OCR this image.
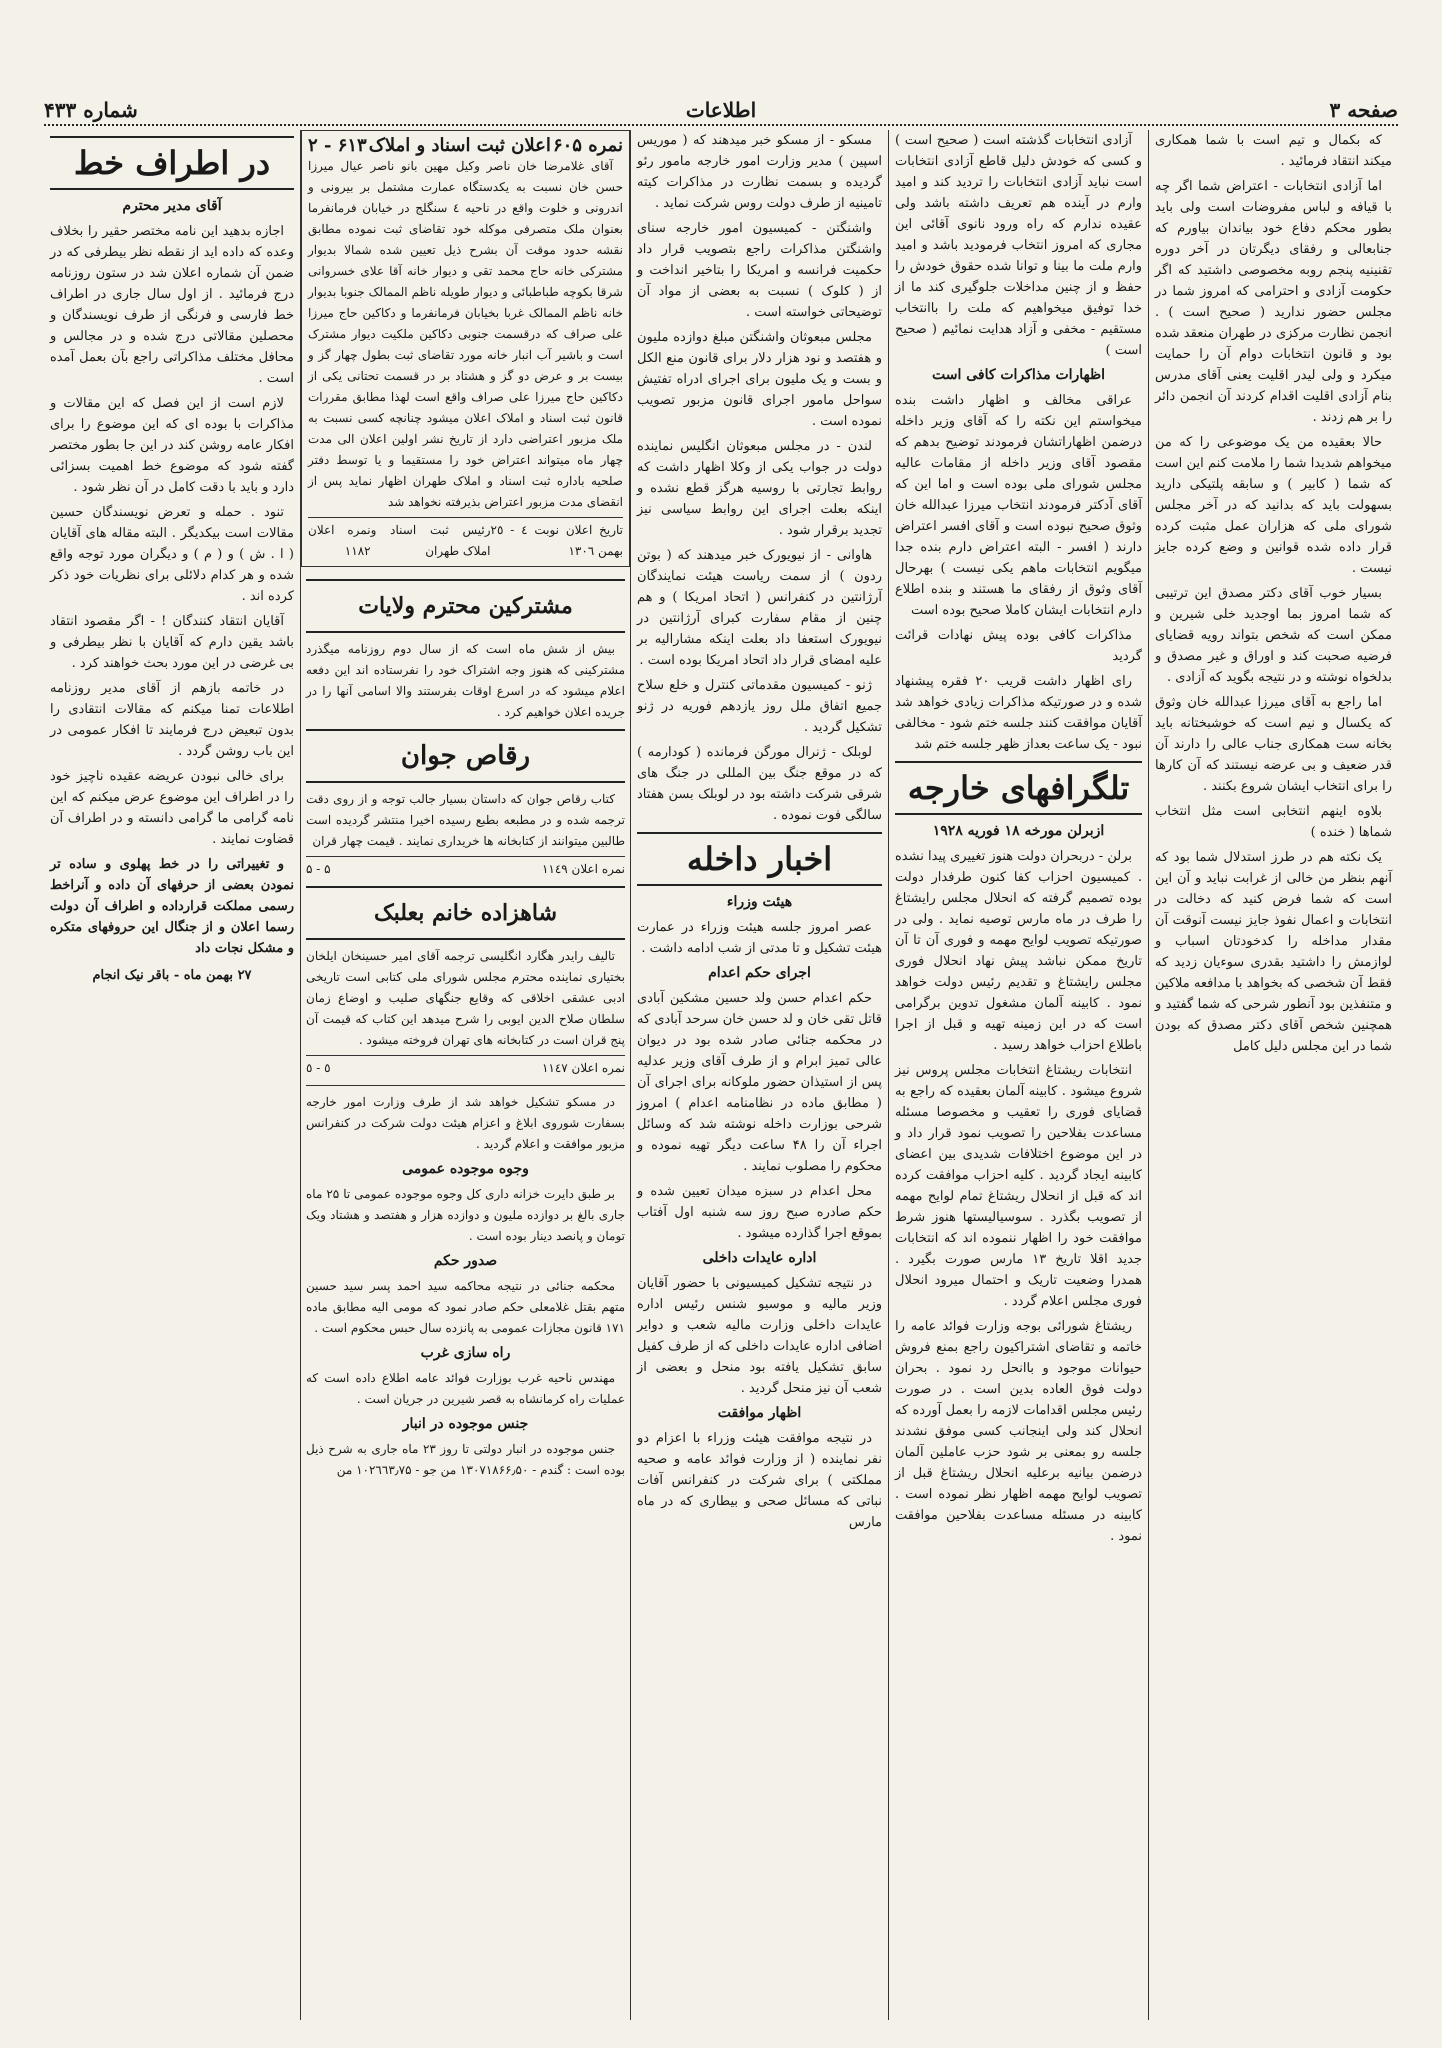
صفحه ۳
اطلاعات
شماره ۴۳۳

که بکمال و تیم است با شما همکاری میکند انتقاد فرمائید .

اما آزادی انتخابات - اعتراض شما اگر چه با قیافه و لباس مفروضات است ولی باید بطور محکم دفاع خود بیاندان بیاورم که جنابعالی و رفقای دیگرتان در آخر دوره تقنینیه پنجم روبه مخصوصی داشتید که اگر حکومت آزادی و احترامی که امروز شما در مجلس حضور ندارید ( صحیح است ) . انجمن نظارت مرکزی در طهران منعقد شده بود و قانون انتخابات دوام آن را حمایت میکرد و ولی لیدر اقلیت یعنی آقای مدرس بنام آزادی اقلیت اقدام کردند آن انجمن دائر را بر هم زدند .

حالا بعقیده من یک موضوعی را که من میخواهم شدیدا شما را ملامت کنم این است که شما ( کابیر ) و سابقه پلتیکی دارید بسهولت باید که بدانید که در آخر مجلس شورای ملی که هزاران عمل مثبت کرده قرار داده شده قوانین و وضع کرده جایز نیست .

بسیار خوب آقای دکتر مصدق این ترتیبی که شما امروز بما اوجدید خلی شیرین و ممکن است که شخص بتواند رویه قضایای فرضیه صحبت کند و اوراق و غیر مصدق و بدلخواه نوشته و در نتیجه بگوید که آزادی .

اما راجع به آقای میرزا عبدالله خان وثوق که یکسال و نیم است که خوشبختانه باید بخانه ست همکاری جناب عالی را دارند آن قدر ضعیف و بی عرضه نیستند که آن کارها را برای انتخاب ایشان شروع بکنند .

بلاوه اینهم انتخابی است مثل انتخاب شماها ( خنده )

یک نکته هم در طرز استدلال شما بود که آنهم بنظر من خالی از غرابت نباید و آن این است که شما فرض کنید که دخالت در انتخابات و اعمال نفوذ جایز نیست آنوقت آن مقدار مداخله را کدخودتان اسباب و لوازمش را داشتید بقدری سوءیان زدید که فقط آن شخصی که بخواهد با مدافعه ملاکین و متنفذین بود آنطور شرحی که شما گفتید و همچنین شخص آقای دکتر مصدق که بودن شما در این مجلس دلیل کامل

آزادی انتخابات گذشته است ( صحیح است ) و کسی که خودش دلیل قاطع آزادی انتخابات است نباید آزادی انتخابات را تردید کند و امید وارم در آینده هم تعریف داشته باشد ولی عقیده ندارم که راه ورود نانوی آقائی این مجاری که امروز انتخاب فرمودید باشد و امید وارم ملت ما بینا و توانا شده حقوق خودش را حفظ و از چنین مداخلات جلوگیری کند ما از خدا توفیق میخواهیم که ملت را باانتخاب مستقیم - مخفی و آزاد هدایت نمائیم ( صحیح است )

اظهارات مذاکرات کافی است

عراقی مخالف و اظهار داشت بنده میخواستم این نکته را که آقای وزیر داخله درضمن اظهاراتشان فرمودند توضیح بدهم که مقصود آقای وزیر داخله از مقامات عالیه مجلس شورای ملی بوده است و اما این که آقای آدکتر فرمودند انتخاب میرزا عبدالله خان وثوق صحیح نبوده است و آقای افسر اعتراض دارند ( افسر - البته اعتراض دارم بنده جدا میگویم انتخابات ماهم یکی نیست ) بهرحال آقای وثوق از رفقای ما هستند و بنده اطلاع دارم انتخابات ایشان کاملا صحیح بوده است

مذاکرات کافی بوده پیش نهادات قرائت گردید

رای اظهار داشت قریب ۲۰ فقره پیشنهاد شده و در صورتیکه مذاکرات زیادی خواهد شد آقایان موافقت کنند جلسه ختم شود - مخالفی نبود - یک ساعت بعداز ظهر جلسه ختم شد

تلگرافهای خارجه
ازبرلن مورخه ۱۸ فوریه ۱۹۲۸

برلن - دربحران دولت هنوز تغییری پیدا نشده . کمیسیون احزاب کفا کنون طرفدار دولت بوده تصمیم گرفته که انحلال مجلس رایشتاغ را طرف در ماه مارس توصیه نماید . ولی در صورتیکه تصویب لوایح مهمه و فوری آن تا آن تاریخ ممکن نباشد پیش نهاد انحلال فوری مجلس رایشتاغ و تقدیم رئیس دولت خواهد نمود . کابینه آلمان مشغول تدوین برگرامی است که در این زمینه تهیه و قبل از اجرا باطلاع احزاب خواهد رسید .

انتخابات ریشتاغ انتخابات مجلس پروس نیز شروع میشود . کابینه آلمان بعقیده که راجع به قضایای فوری را تعقیب و مخصوصا مسئله مساعدت بفلاحین را تصویب نمود قرار داد و در این موضوع اختلافات شدیدی بین اعضای کابینه ایجاد گردید . کلیه احزاب موافقت کرده اند که قبل از انحلال ریشتاغ تمام لوایح مهمه از تصویب بگذرد . سوسیالیستها هنوز شرط موافقت خود را اظهار ننموده اند که انتخابات جدید اقلا تاریخ ۱۳ مارس صورت بگیرد . همدرا وضعیت تاریک و احتمال میرود انحلال فوری مجلس اعلام گردد .

ریشتاغ شورائی بوجه وزارت فوائد عامه را خاتمه و تقاضای اشتراکیون راجع بمنع فروش حیوانات موجود و باانحل رد نمود . بحران دولت فوق العاده بدین است . در صورت رئیس مجلس اقدامات لازمه را بعمل آورده که انحلال کند ولی اینجانب کسی موفق نشدند جلسه رو بمعنی بر شود حزب عاملین آلمان درضمن بیانیه برعلیه انحلال ریشتاغ قبل از تصویب لوایح مهمه اظهار نظر نموده است . کابینه در مسئله مساعدت بفلاحین موافقت نمود .

مسکو - از مسکو خبر میدهند که ( موریس اسپین ) مدیر وزارت امور خارجه مامور رئو گردیده و بسمت نظارت در مذاکرات کیته تامینیه از طرف دولت روس شرکت نماید .

واشنگتن - کمیسیون امور خارجه سنای واشنگتن مذاکرات راجع بتصویب قرار داد حکمیت فرانسه و امریکا را بتاخیر انداخت و از ( کلوک ) نسبت به بعضی از مواد آن توضیحاتی خواسته است .

مجلس مبعوثان واشنگتن مبلغ دوازده ملیون و هفتصد و نود هزار دلار برای قانون منع الکل و بست و یک ملیون برای اجرای ادراه تفتیش سواحل مامور اجرای قانون مزبور تصویب نموده است .

لندن - در مجلس مبعوثان انگلیس نماینده دولت در جواب یکی از وکلا اظهار داشت که روابط تجارتی با روسیه هرگز قطع نشده و اینکه بعلت اجرای این روابط سیاسی نیز تجدید برقرار شود .

هاوانی - از نیویورک خبر میدهند که ( بوتن ردون ) از سمت ریاست هیئت نمایندگان آرژانتین در کنفرانس ( اتحاد امریکا ) و هم چنین از مقام سفارت کبرای آرژانتین در نیویورک استعفا داد بعلت اینکه مشارالیه بر علیه امضای قرار داد اتحاد امریکا بوده است .

ژنو - کمیسیون مقدماتی کنترل و خلع سلاح جمیع اتفاق ملل روز یازدهم فوریه در ژنو تشکیل گردید .

لوبلک - ژنرال مورگن فرمانده ( کودارمه ) که در موقع جنگ بین المللی در جنگ های شرقی شرکت داشته بود در لوبلک بسن هفتاد سالگی فوت نموده .

اخبار داخله
هیئت وزراء

عصر امروز جلسه هیئت وزراء در عمارت هیئت تشکیل و تا مدتی از شب ادامه داشت .

اجرای حکم اعدام

حکم اعدام حسن ولد حسین مشکین آبادی قاتل تقی خان و لد حسن خان سرحد آبادی که در محکمه جنائی صادر شده بود در دیوان عالی تمیز ابرام و از طرف آقای وزیر عدلیه پس از استیذان حضور ملوکانه برای اجرای آن ( مطابق ماده در نظامنامه اعدام ) امروز شرحی بوزارت داخله نوشته شد که وسائل اجراء آن را ۴۸ ساعت دیگر تهیه نموده و محکوم را مصلوب نمایند .

محل اعدام در سبزه میدان تعیین شده و حکم صادره صبح روز سه شنبه اول آفتاب بموقع اجرا گذارده میشود .

اداره عایدات داخلی

در نتیجه تشکیل کمیسیونی با حضور آقایان وزیر مالیه و موسیو شنس رئیس اداره عایدات داخلی وزارت مالیه شعب و دوایر اضافی اداره عایدات داخلی که از طرف کفیل سابق تشکیل یافته بود منحل و بعضی از شعب آن نیز منحل گردید .

اظهار موافقت

در نتیجه موافقت هیئت وزراء با اعزام دو نفر نماینده ( از وزارت فوائد عامه و صحیه مملکتی ) برای شرکت در کنفرانس آفات نباتی که مسائل صحی و بیطاری که در ماه مارس

نمره ۶۰۵
اعلان ثبت اسناد و املاک
۶۱۳ - ۲

آقای غلامرضا خان ناصر وکیل مهین بانو ناصر عیال میرزا حسن خان نسبت به یکدستگاه عمارت مشتمل بر بیرونی و اندرونی و خلوت واقع در ناحیه ٤ سنگلج در خیابان فرمانفرما بعنوان ملک متصرفی موکله خود تقاضای ثبت نموده مطابق نقشه حدود موقت آن بشرح ذیل تعیین شده شمالا بدیوار مشترکی خانه حاج محمد تقی و دیوار خانه آقا علای خسروانی شرقا بکوچه طباطبائی و دیوار طویله ناظم الممالک جنوبا بدیوار خانه ناظم الممالک غربا بخیابان فرمانفرما و دکاکین حاج میرزا علی صراف که درقسمت جنوبی دکاکین ملکیت دیوار مشترک است و باشیر آب انبار خانه مورد تقاضای ثبت بطول چهار گز و بیست بر و عرض دو گز و هشتاد بر در قسمت تحتانی یکی از دکاکین حاج میرزا علی صراف واقع است لهذا مطابق مقررات قانون ثبت اسناد و املاک اعلان میشود چنانچه کسی نسبت به ملک مزبور اعتراضی دارد از تاریخ نشر اولین اعلان الی مدت چهار ماه میتواند اعتراض خود را مستقیما و یا توسط دفتر صلحیه باداره ثبت اسناد و املاک طهران اظهار نماید پس از انقضای مدت مزبور اعتراض بذیرفته نخواهد شد

تاریخ اعلان نوبت ٤ - ۲٥ بهمن ۱۳۰٦
رئیس ثبت اسناد و املاک طهران
نمره اعلان ۱۱۸۲
مشترکین محترم ولایات

بیش از شش ماه است که از سال دوم روزنامه میگذرد مشترکینی که هنوز وجه اشتراک خود را نفرستاده اند این دفعه اعلام میشود که در اسرع اوقات بفرستند والا اسامی آنها را در جریده اعلان خواهیم کرد .

رقاص جوان

کتاب رقاص جوان که داستان بسیار جالب توجه و از روی دقت ترجمه شده و در مطبعه بطبع رسیده اخیرا منتشر گردیده است طالبین میتوانند از کتابخانه ها خریداری نمایند . قیمت چهار قران

نمره اعلان ۱۱٤۹
۵ - ۵
شاهزاده خانم بعلبک

تالیف رایدر هگارد انگلیسی ترجمه آقای امیر حسینخان ایلخان بختیاری نماینده محترم مجلس شورای ملی کتابی است تاریخی ادبی عشقی اخلاقی که وقایع جنگهای صلیب و اوضاع زمان سلطان صلاح الدین ایوبی را شرح میدهد این کتاب که قیمت آن پنج قران است در کتابخانه های تهران فروخته میشود .

نمره اعلان ۱۱٤۷
٥ - ٥

در مسکو تشکیل خواهد شد از طرف وزارت امور خارجه بسفارت شوروی ابلاغ و اعزام هیئت دولت شرکت در کنفرانس مزبور موافقت و اعلام گردید .

وجوه موجوده عمومی

بر طبق دایرت خزانه داری کل وجوه موجوده عمومی تا ۲۵ ماه جاری بالغ بر دوازده ملیون و دوازده هزار و هفتصد و هشتاد ویک تومان و پانصد دینار بوده است .

صدور حکم

محکمه جنائی در نتیجه محاکمه سید احمد پسر سید حسین متهم بقتل غلامعلی حکم صادر نمود که مومی الیه مطابق ماده ۱۷۱ قانون مجازات عمومی به پانزده سال حبس محکوم است .

راه سازی غرب

مهندس ناحیه غرب بوزارت فوائد عامه اطلاع داده است که عملیات راه کرمانشاه به قصر شیرین در جریان است .

جنس موجوده در انبار

جنس موجوده در انبار دولتی تا روز ۲۳ ماه جاری به شرح ذیل بوده است : گندم - ۱۳۰۷۱۸۶۶٫۵۰ من جو - ۱۰۲٦٦۳٫۷۵ من

در اطراف خط
آقای مدیر محترم

اجازه بدهید این نامه مختصر حقیر را بخلاف وعده که داده اید از نقطه نظر بیطرفی که در ضمن آن شماره اعلان شد در ستون روزنامه درج فرمائید . از اول سال جاری در اطراف خط فارسی و فرنگی از طرف نویسندگان و محصلین مقالاتی درج شده و در مجالس و محافل مختلف مذاکراتی راجع بآن بعمل آمده است .

لازم است از این فصل که این مقالات و مذاکرات با بوده ای که این موضوع را برای افکار عامه روشن کند در این جا بطور مختصر گفته شود که موضوع خط اهمیت بسزائی دارد و باید با دقت کامل در آن نظر شود .

تنود . حمله و تعرض نویسندگان حسین مقالات است بیکدیگر . البته مقاله های آقایان ( ا . ش ) و ( م ) و دیگران مورد توجه واقع شده و هر کدام دلائلی برای نظریات خود ذکر کرده اند .

آقایان انتقاد کنندگان ! - اگر مقصود انتقاد باشد یقین دارم که آقایان با نظر بیطرفی و بی غرضی در این مورد بحث خواهند کرد .

در خاتمه بازهم از آقای مدیر روزنامه اطلاعات تمنا میکنم که مقالات انتقادی را بدون تبعیض درج فرمایند تا افکار عمومی در این باب روشن گردد .

برای خالی نبودن عریضه عقیده ناچیز خود را در اطراف این موضوع عرض میکنم که این نامه گرامی ما گرامی دانسته و در اطراف آن قضاوت نمایند .

و تغییراتی را در خط پهلوی و ساده تر نمودن بعضی از حرفهای آن داده و آنراخط رسمی مملکت قرارداده و اطراف آن دولت رسما اعلان و از جنگال این حروفهای متکره و مشکل نجات داد

۲۷ بهمن ماه - باقر نیک انجام
